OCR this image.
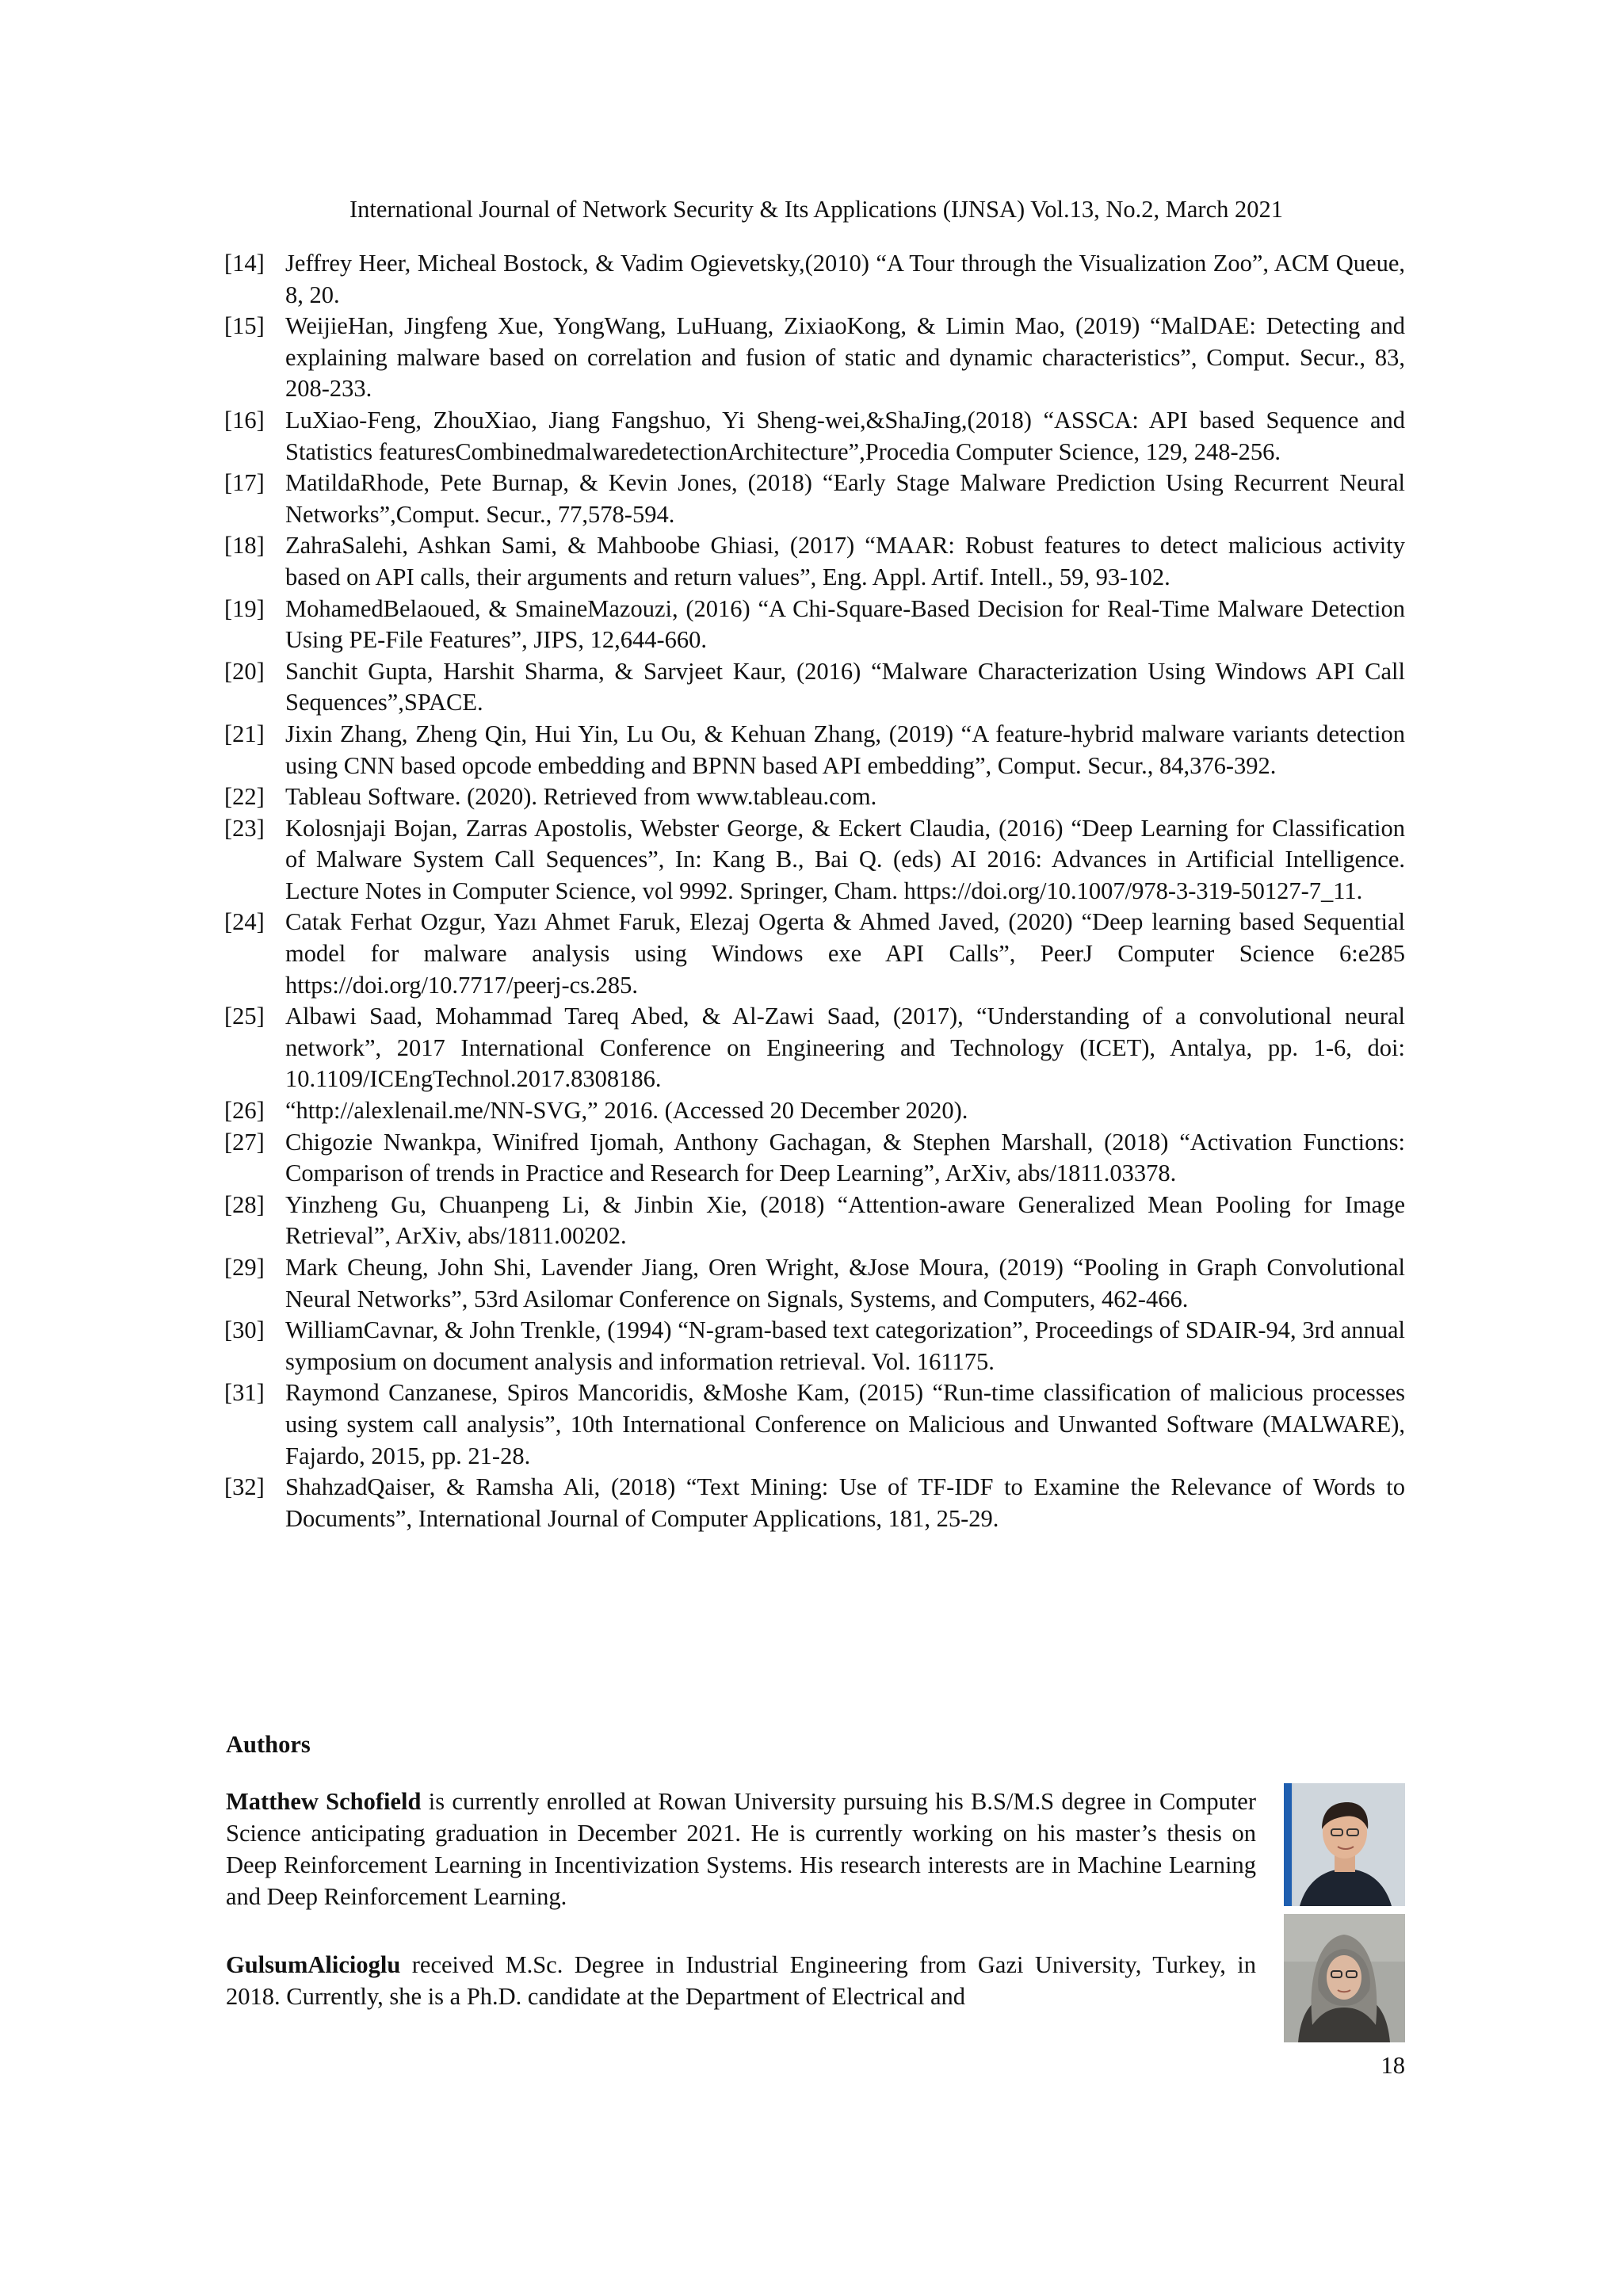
International Journal of Network Security & Its Applications (IJNSA) Vol.13, No.2, March 2021
[14] Jeffrey Heer, Micheal Bostock, & Vadim Ogievetsky,(2010) “A Tour through the Visualization Zoo”, ACM Queue, 8, 20.
[15] WeijieHan, Jingfeng Xue, YongWang, LuHuang, ZixiaoKong, & Limin Mao, (2019) “MalDAE: Detecting and explaining malware based on correlation and fusion of static and dynamic characteristics”, Comput. Secur., 83, 208-233.
[16] LuXiao-Feng, ZhouXiao, Jiang Fangshuo, Yi Sheng-wei,&ShaJing,(2018) “ASSCA: API based Sequence and Statistics featuresCombinedmalwaredetectionArchitecture”,Procedia Computer Science, 129, 248-256.
[17] MatildaRhode, Pete Burnap, & Kevin Jones, (2018) “Early Stage Malware Prediction Using Recurrent Neural Networks”,Comput. Secur., 77,578-594.
[18] ZahraSalehi, Ashkan Sami, & Mahboobe Ghiasi, (2017) “MAAR: Robust features to detect malicious activity based on API calls, their arguments and return values”, Eng. Appl. Artif. Intell., 59, 93-102.
[19] MohamedBelaoued, & SmaineMazouzi, (2016) “A Chi-Square-Based Decision for Real-Time Malware Detection Using PE-File Features”, JIPS, 12,644-660.
[20] Sanchit Gupta, Harshit Sharma, & Sarvjeet Kaur, (2016) “Malware Characterization Using Windows API Call Sequences”,SPACE.
[21] Jixin Zhang, Zheng Qin, Hui Yin, Lu Ou, & Kehuan Zhang, (2019) “A feature-hybrid malware variants detection using CNN based opcode embedding and BPNN based API embedding”, Comput. Secur., 84,376-392.
[22] Tableau Software. (2020). Retrieved from www.tableau.com.
[23] Kolosnjaji Bojan, Zarras Apostolis, Webster George, & Eckert Claudia, (2016) “Deep Learning for Classification of Malware System Call Sequences”, In: Kang B., Bai Q. (eds) AI 2016: Advances in Artificial Intelligence. Lecture Notes in Computer Science, vol 9992. Springer, Cham. https://doi.org/10.1007/978-3-319-50127-7_11.
[24] Catak Ferhat Ozgur, Yazı Ahmet Faruk, Elezaj Ogerta & Ahmed Javed, (2020) “Deep learning based Sequential model for malware analysis using Windows exe API Calls”, PeerJ Computer Science 6:e285 https://doi.org/10.7717/peerj-cs.285.
[25] Albawi Saad, Mohammad Tareq Abed, & Al-Zawi Saad, (2017), “Understanding of a convolutional neural network”, 2017 International Conference on Engineering and Technology (ICET), Antalya, pp. 1-6, doi: 10.1109/ICEngTechnol.2017.8308186.
[26] “http://alexlenail.me/NN-SVG,” 2016. (Accessed 20 December 2020).
[27] Chigozie Nwankpa, Winifred Ijomah, Anthony Gachagan, & Stephen Marshall, (2018) “Activation Functions: Comparison of trends in Practice and Research for Deep Learning”, ArXiv, abs/1811.03378.
[28] Yinzheng Gu, Chuanpeng Li, & Jinbin Xie, (2018) “Attention-aware Generalized Mean Pooling for Image Retrieval”, ArXiv, abs/1811.00202.
[29] Mark Cheung, John Shi, Lavender Jiang, Oren Wright, &Jose Moura, (2019) “Pooling in Graph Convolutional Neural Networks”, 53rd Asilomar Conference on Signals, Systems, and Computers, 462-466.
[30] WilliamCavnar, & John Trenkle, (1994) “N-gram-based text categorization”, Proceedings of SDAIR-94, 3rd annual symposium on document analysis and information retrieval. Vol. 161175.
[31] Raymond Canzanese, Spiros Mancoridis, &Moshe Kam, (2015) “Run-time classification of malicious processes using system call analysis”, 10th International Conference on Malicious and Unwanted Software (MALWARE), Fajardo, 2015, pp. 21-28.
[32] ShahzadQaiser, & Ramsha Ali, (2018) “Text Mining: Use of TF-IDF to Examine the Relevance of Words to Documents”, International Journal of Computer Applications, 181, 25-29.
Authors
Matthew Schofield is currently enrolled at Rowan University pursuing his B.S/M.S degree in Computer Science anticipating graduation in December 2021. He is currently working on his master’s thesis on Deep Reinforcement Learning in Incentivization Systems. His research interests are in Machine Learning and Deep Reinforcement Learning.
GulsumAlicioglu received M.Sc. Degree in Industrial Engineering from Gazi University, Turkey, in 2018. Currently, she is a Ph.D. candidate at the Department of Electrical and
18
